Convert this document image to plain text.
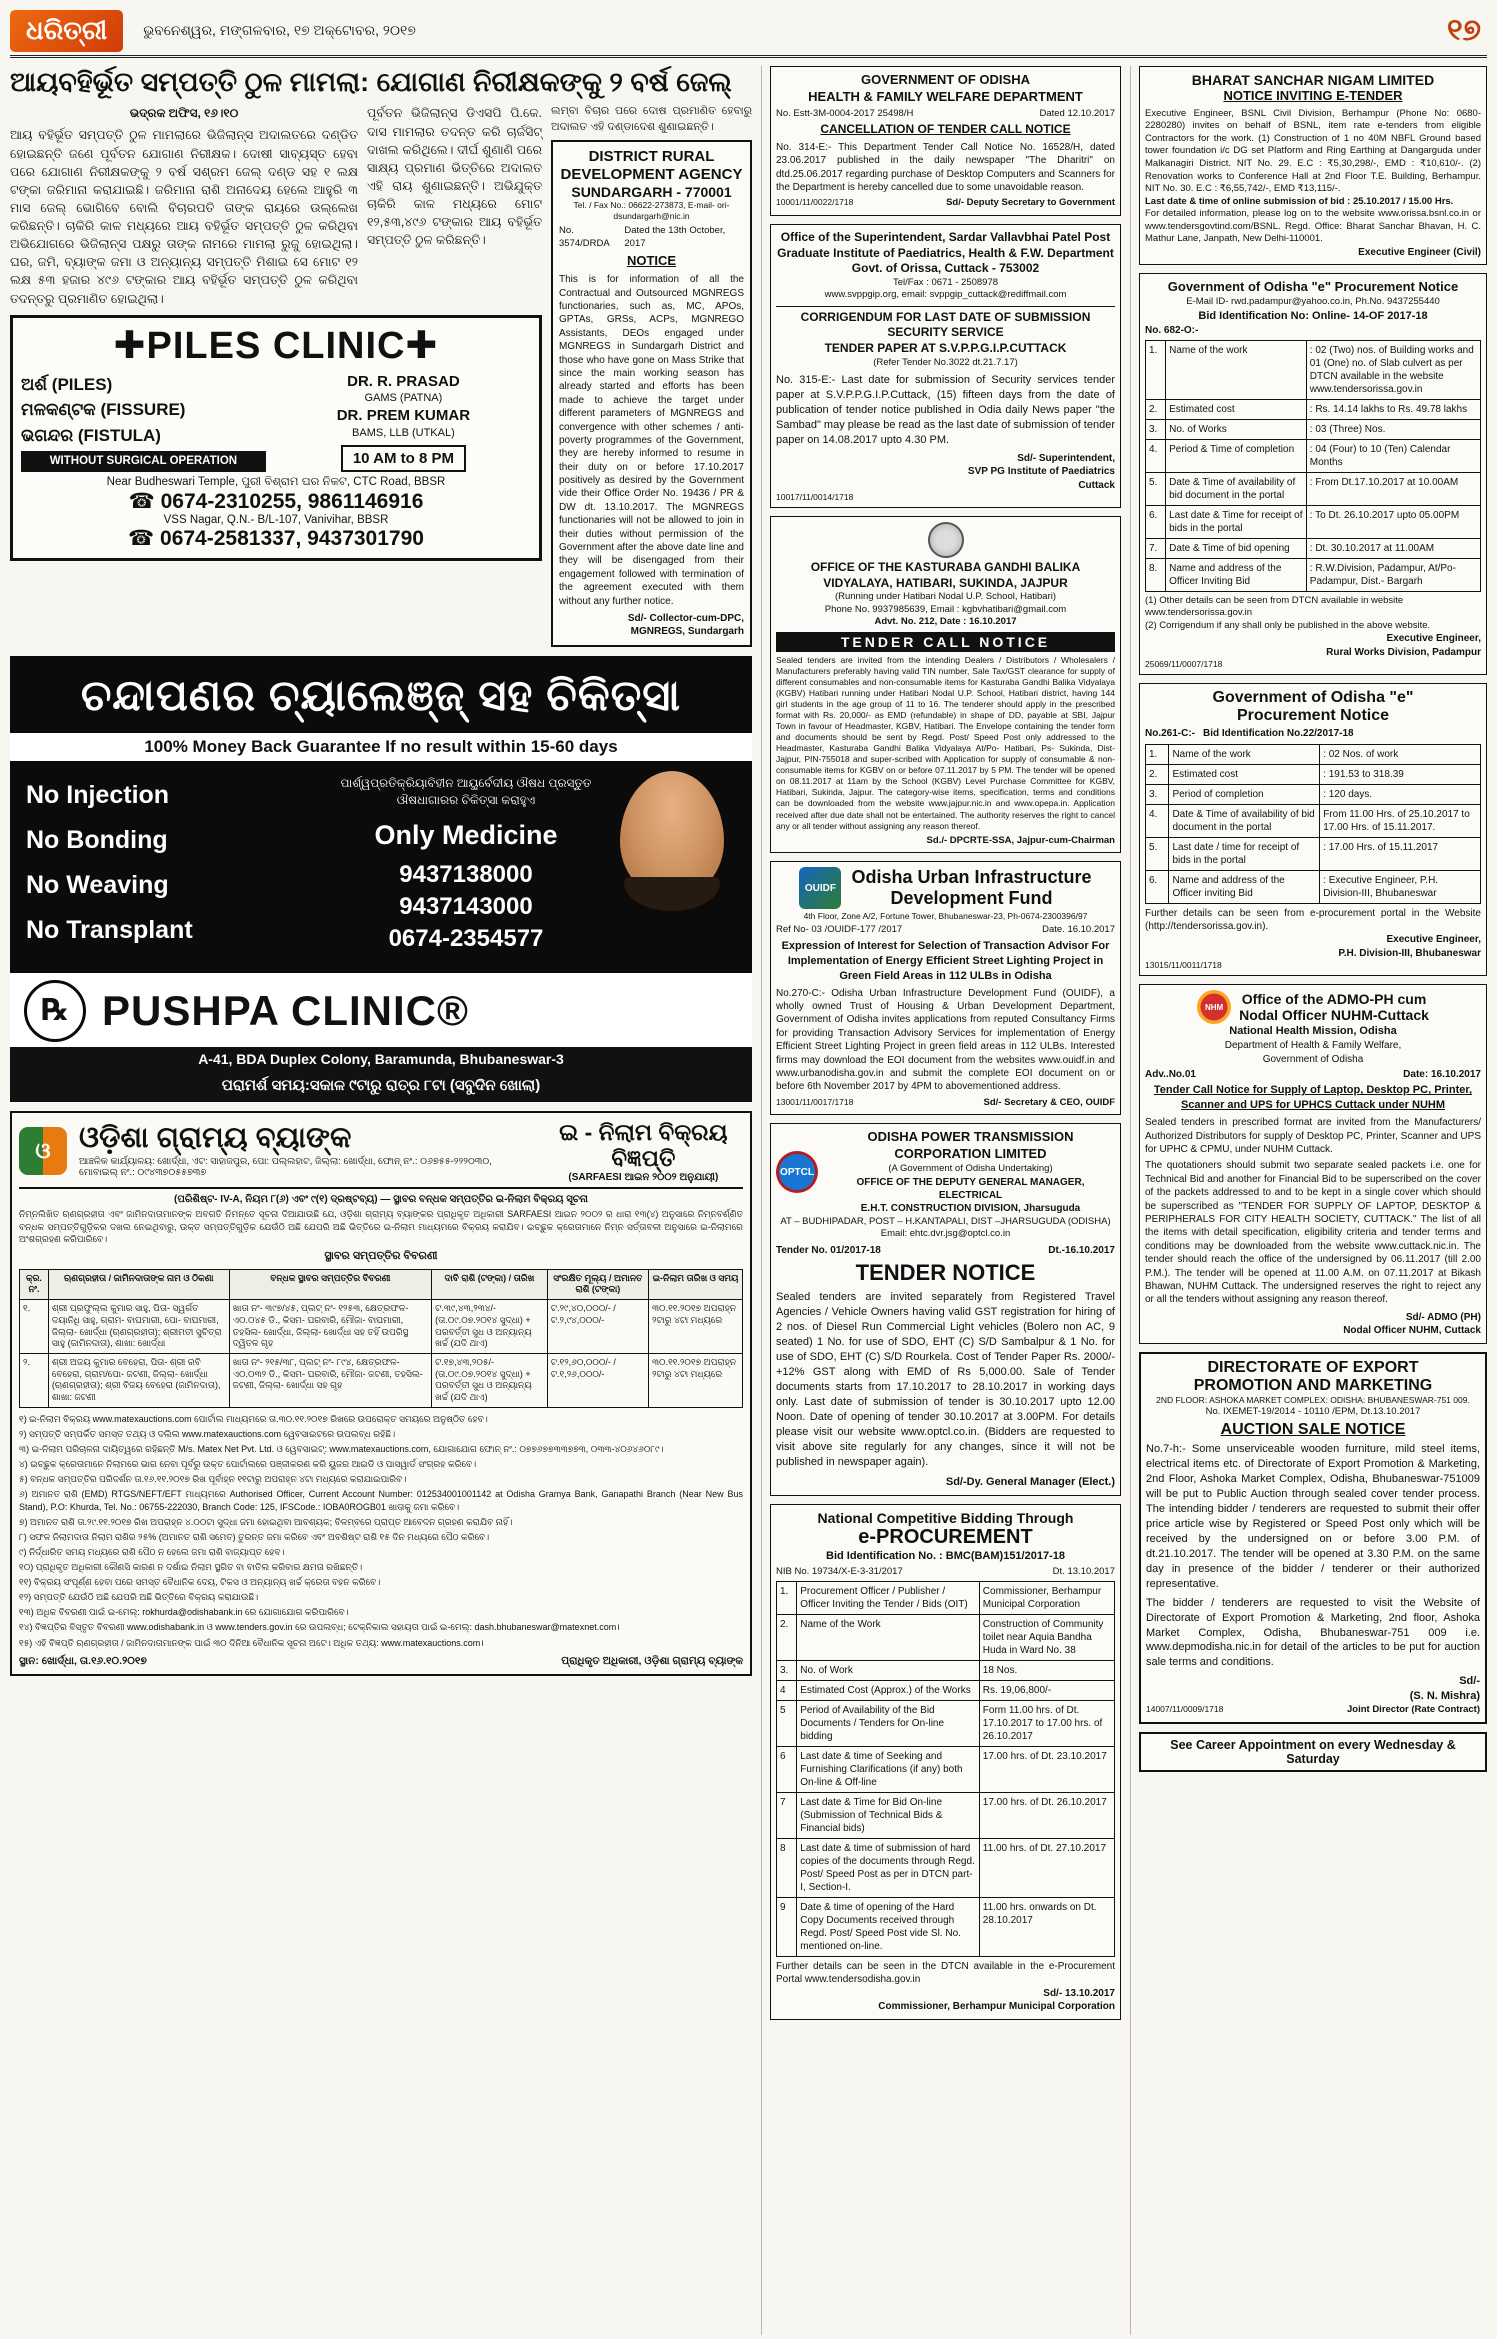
ଧରିତ୍ରୀ	ଭୁବନେଶ୍ୱର, ମଙ୍ଗଳବାର, ୧୭ ଅକ୍ଟୋବର, ୨୦୧୭	୧୭
ଆୟବହିର୍ଭୂତ ସମ୍ପତ୍ତି ଠୁଳ ମାମଲା: ଯୋଗାଣ ନିରୀକ୍ଷକଙ୍କୁ ୨ ବର୍ଷ ଜେଲ୍
ଭଦ୍ରକ ଅଫିସ, ୧୬।୧୦

ଆୟ ବହିର୍ଭୂତ ସମ୍ପତ୍ତି ଠୁଳ ମାମଲାରେ ଭିଜିଲାନ୍ସ ଅଦାଲତରେ ଦଣ୍ଡିତ ହୋଇଛନ୍ତି ଜଣେ ପୂର୍ବତନ ଯୋଗାଣ ନିରୀକ୍ଷକ। ଦୋଷୀ ସାବ୍ୟସ୍ତ ହେବା ପରେ ଯୋଗାଣ ନିରୀକ୍ଷକଙ୍କୁ ୨ ବର୍ଷ ସଶ୍ରମ ଜେଲ୍ ଦଣ୍ଡ ସହ ୧ ଲକ୍ଷ ଟଙ୍କା ଜରିମାନା କରାଯାଇଛି। ଜରିମାନା ରାଶି ଅନାଦେୟ ହେଲେ ଆହୁରି ୩ ମାସ ଜେଲ୍ ଭୋଗିବେ ବୋଲି ବିଚାରପତି ତାଙ୍କ ରାୟରେ ଉଲ୍ଲେଖ କରିଛନ୍ତି। ଚାକିରି କାଳ ମଧ୍ୟରେ ଆୟ ବହିର୍ଭୂତ ସମ୍ପତ୍ତି ଠୁଳ କରିଥିବା ଅଭିଯୋଗରେ ଭିଜିଲାନ୍ସ ପକ୍ଷରୁ ତାଙ୍କ ନାମରେ ମାମଲା ରୁଜୁ ହୋଇଥିଲା। ଘର, ଜମି, ବ୍ୟାଙ୍କ ଜମା ଓ ଅନ୍ୟାନ୍ୟ ସମ୍ପତ୍ତି ମିଶାଇ ସେ ମୋଟ ୧୨ ଲକ୍ଷ ୫୩ ହଜାର ୪୯୬ ଟଙ୍କାର ଆୟ ବହିର୍ଭୂତ ସମ୍ପତ୍ତି ଠୁଳ କରିଥିବା ତଦନ୍ତରୁ ପ୍ରମାଣିତ ହୋଇଥିଲା।

ପୂର୍ବତନ ଭିଜିଲାନ୍ସ ଡିଏସପି ପି.କେ. ଦାସ ମାମଲାର ତଦନ୍ତ କରି ଚାର୍ଜସିଟ୍ ଦାଖଲ କରିଥିଲେ। ଦୀର୍ଘ ଶୁଣାଣି ପରେ ସାକ୍ଷ୍ୟ ପ୍ରମାଣ ଭିତ୍ତିରେ ଅଦାଲତ ଏହି ରାୟ ଶୁଣାଇଛନ୍ତି। ଅଭିଯୁକ୍ତ ଚାକିରି କାଳ ମଧ୍ୟରେ ମୋଟ ୧୨,୫୩,୪୯୬ ଟଙ୍କାର ଆୟ ବହିର୍ଭୂତ ସମ୍ପତ୍ତି ଠୁଳ କରିଛନ୍ତି।

✚PILES CLINIC✚
ଅର୍ଶ (PILES)
ମଳକଣ୍ଟକ (FISSURE)
ଭଗନ୍ଦର (FISTULA)
WITHOUT SURGICAL OPERATION
DR. R. PRASAD
GAMS (PATNA)
DR. PREM KUMAR
BAMS, LLB (UTKAL)
10 AM to 8 PM
Near Budheswari Temple, ପୁରୀ ବିଶ୍ରାମ ଘର ନିକଟ, CTC Road, BBSR
☎ 0674-2310255, 9861146916
VSS Nagar, Q.N.- B/L-107, Vanivihar, BBSR
☎ 0674-2581337, 9437301790

ଲମ୍ବା ବିଚାର ପରେ ଦୋଷ ପ୍ରମାଣିତ ହେବାରୁ ଅଦାଲତ ଏହି ଦଣ୍ଡାଦେଶ ଶୁଣାଇଛନ୍ତି।

DISTRICT RURAL DEVELOPMENT AGENCY
SUNDARGARH - 770001
Tel. / Fax No.: 06622-273873, E-mail- ori-dsundargarh@nic.in
No. 3574/DRDA
Dated the 13th October, 2017
NOTICE

This is for information of all the Contractual and Outsourced MGNREGS functionaries, such as, MC, APOs, GPTAs, GRSs, ACPs, MGNREGO Assistants, DEOs engaged under MGNREGS in Sundargarh District and those who have gone on Mass Strike that since the main working season has already started and efforts has been made to achieve the target under different parameters of MGNREGS and convergence with other schemes / anti-poverty programmes of the Government, they are hereby informed to resume in their duty on or before 17.10.2017 positively as desired by the Government vide their Office Order No. 19436 / PR & DW dt. 13.10.2017. The MGNREGS functionaries will not be allowed to join in their duties without permission of the Government after the above date line and they will be disengaged from their engagement followed with termination of the agreement executed with them without any further notice.

Sd/- Collector-cum-DPC,
MGNREGS, Sundargarh
ଚନ୍ଦାପଣର ଚ୍ୟାଲେଞ୍ଜ୍ ସହ ଚିକିତ୍ସା
100% Money Back Guarantee If no result within 15-60 days
No Injection
No Bonding
No Weaving
No Transplant
ପାର୍ଶ୍ୱପ୍ରତିକ୍ରିୟାବିହୀନ ଆୟୁର୍ବେଦୀୟ ଔଷଧ ପ୍ରସ୍ତୁତ ଔଷଧାଗାରର ଚିକିତ୍ସା କରାହୁଏ
Only Medicine
9437138000
9437143000
0674-2354577
℞ PUSHPA CLINIC®
A-41, BDA Duplex Colony, Baramunda, Bhubaneswar-3
ପରାମର୍ଶ ସମୟ:ସକାଳ ୯ଟାରୁ ରାତ୍ର ୮ଟା (ସବୁଦିନ ଖୋଲା)
ଓ ଓଡ଼ିଶା ଗ୍ରାମ୍ୟ ବ୍ୟାଙ୍କ
ଆଞ୍ଚଳିକ କାର୍ଯ୍ୟାଳୟ: ଖୋର୍ଦ୍ଧା, ଏଟ: ସାହାଜପୁର, ପୋ: ପଲ୍ଲହାଟ, ଜିଲ୍ଲା: ଖୋର୍ଦ୍ଧା, ଫୋନ୍ ନଂ.: ୦୬୭୫୫-୨୨୨୦୩୦, ମୋବାଇଲ୍ ନଂ.: ୦୯୪୩୭୦୫୫୭୩୭
ଇ - ନିଲାମ ବିକ୍ରୟ ବିଜ୍ଞପ୍ତି
(SARFAESI ଆଇନ ୨୦୦୨ ଅନୁଯାୟୀ)
(ପରିଶିଷ୍ଟ- IV-A, ନିୟମ ୮(୬) ଏବଂ ୯(୧) ଦ୍ରଷ୍ଟବ୍ୟ) — ସ୍ଥାବର ବନ୍ଧକ ସମ୍ପତ୍ତିର ଇ-ନିଲାମ ବିକ୍ରୟ ସୂଚନା

ନିମ୍ନଲିଖିତ ଋଣଗ୍ରହୀତା ଏବଂ ଜାମିନଦାତାମାନଙ୍କ ଅବଗତି ନିମନ୍ତେ ସୂଚନା ଦିଆଯାଉଛି ଯେ, ଓଡ଼ିଶା ଗ୍ରାମ୍ୟ ବ୍ୟାଙ୍କର ପ୍ରାଧିକୃତ ଅଧିକାରୀ SARFAESI ଆଇନ ୨୦୦୨ ର ଧାରା ୧୩(୪) ଅନୁସାରେ ନିମ୍ନବର୍ଣ୍ଣିତ ବନ୍ଧକ ସମ୍ପତ୍ତିଗୁଡ଼ିକର ଦଖଲ ନେଇଥିବାରୁ, ଉକ୍ତ ସମ୍ପତ୍ତିଗୁଡ଼ିକ ଯେଉଁଠି ଅଛି ଯେପରି ଅଛି ଭିତ୍ତିରେ ଇ-ନିଲାମ ମାଧ୍ୟମରେ ବିକ୍ରୟ କରାଯିବ। ଇଚ୍ଛୁକ କ୍ରେତାମାନେ ନିମ୍ନ ସର୍ତ୍ତାବଳୀ ଅନୁସାରେ ଇ-ନିଲାମରେ ଅଂଶଗ୍ରହଣ କରିପାରିବେ।

ସ୍ଥାବର ସମ୍ପତ୍ତିର ବିବରଣୀ
କ୍ର. ନଂ.	ଋଣଗ୍ରହୀତା / ଜାମିନଦାତାଙ୍କ ନାମ ଓ ଠିକଣା	ବନ୍ଧକ ସ୍ଥାବର ସମ୍ପତ୍ତିର ବିବରଣୀ	ଦାବି ରାଶି (ଟଙ୍କା) / ତାରିଖ	ସଂରକ୍ଷିତ ମୂଲ୍ୟ / ଅମାନତ ରାଶି (ଟଙ୍କା)	ଇ-ନିଲାମ ତାରିଖ ଓ ସମୟ
୧.	ଶ୍ରୀ ପ୍ରଫୁଲ୍ଲ କୁମାର ସାହୁ, ପିତା- ସ୍ୱର୍ଗତ ଦୟାନିଧି ସାହୁ, ଗ୍ରାମ- ବାଘମାରୀ, ପୋ- ବାଘମାରୀ, ଜିଲ୍ଲା- ଖୋର୍ଦ୍ଧା (ଋଣଗ୍ରହୀତା); ଶ୍ରୀମତୀ ସୁଚିତ୍ରା ସାହୁ (ଜାମିନଦାତା), ଶାଖା: ଖୋର୍ଦ୍ଧା	ଖାତା ନଂ- ୩୯୭/୪୫, ପ୍ଲଟ୍ ନଂ- ୧୨୫୩, କ୍ଷେତ୍ରଫଳ- ଏ୦.୦୪୫ ଡି., କିସମ- ଘରବାରି, ମୌଜା- ବାଘମାରୀ, ତହସିଲ- ଖୋର୍ଦ୍ଧା, ଜିଲ୍ଲା- ଖୋର୍ଦ୍ଧା ସହ ତହିଁ ଉପରିସ୍ଥ ଦ୍ୱିତଳ ଗୃହ	ଟ.୩୯,୪୩,୨୩୪/- (ତା.୦୯.୦୭.୨୦୧୪ ସୁଦ୍ଧା) + ପରବର୍ତ୍ତୀ ସୁଧ ଓ ଅନ୍ୟାନ୍ୟ ଖର୍ଚ୍ଚ (ଯଦି ଥାଏ)	ଟ.୨୯,୪୦,୦୦୦/- / ଟ.୨,୯୪,୦୦୦/-	୩୦.୧୧.୨୦୧୭ ଅପରାହ୍ନ ୨ଟାରୁ ୪ଟା ମଧ୍ୟରେ
୨.	ଶ୍ରୀ ଅଜୟ କୁମାର ବେହେରା, ପିତା- ଶ୍ରୀ ରବି ବେହେରା, ଗ୍ରାମ/ପୋ- ଜଟଣୀ, ଜିଲ୍ଲା- ଖୋର୍ଦ୍ଧା (ଋଣଗ୍ରହୀତା); ଶ୍ରୀ ବିଜୟ ବେହେରା (ଜାମିନଦାତା), ଶାଖା: ଜଟଣୀ	ଖାତା ନଂ- ୨୧୫/୩୮, ପ୍ଲଟ୍ ନଂ- ୮୯୪, କ୍ଷେତ୍ରଫଳ- ଏ୦.୦୩୨ ଡି., କିସମ- ଘରବାରି, ମୌଜା- ଜଟଣୀ, ତହସିଲ- ଜଟଣୀ, ଜିଲ୍ଲା- ଖୋର୍ଦ୍ଧା ସହ ଗୃହ	ଟ.୧୭,୪୩,୨୦୫/- (ତା.୦୯.୦୭.୨୦୧୪ ସୁଦ୍ଧା) + ପରବର୍ତ୍ତୀ ସୁଧ ଓ ଅନ୍ୟାନ୍ୟ ଖର୍ଚ୍ଚ (ଯଦି ଥାଏ)	ଟ.୧୨,୬୦,୦୦୦/- / ଟ.୧,୨୬,୦୦୦/-	୩୦.୧୧.୨୦୧୭ ଅପରାହ୍ନ ୨ଟାରୁ ୪ଟା ମଧ୍ୟରେ
୧) ଇ-ନିଲାମ ବିକ୍ରୟ www.matexauctions.com ପୋର୍ଟାଲ ମାଧ୍ୟମରେ ତା.୩୦.୧୧.୨୦୧୭ ରିଖରେ ଉପରୋକ୍ତ ସମୟରେ ଅନୁଷ୍ଠିତ ହେବ।
୨) ସମ୍ପତ୍ତି ସମ୍ପର୍କିତ ସମସ୍ତ ତଥ୍ୟ ଓ ଦଲିଲ www.matexauctions.com ୱେବସାଇଟରେ ଉପଲବ୍ଧ ରହିଛି।
୩) ଇ-ନିଲାମ ପରିଚାଳନା ଦାୟିତ୍ୱରେ ରହିଛନ୍ତି M/s. Matex Net Pvt. Ltd. ଓ ୱେବସାଇଟ୍: www.matexauctions.com, ଯୋଗାଯୋଗ ଫୋନ୍ ନଂ.: ୦୭୭୬୭୭୩୩୭୭୩, ୦୩୩-୪୦୬୪୬୦୮୯।
୪) ଇଚ୍ଛୁକ କ୍ରେତାମାନେ ନିଲାମରେ ଭାଗ ନେବା ପୂର୍ବରୁ ଉକ୍ତ ପୋର୍ଟାଲରେ ପଞ୍ଜୀକରଣ କରି ୟୁଜର ଆଇଡି ଓ ପାସୱାର୍ଡ ସଂଗ୍ରହ କରିବେ।
୫) ବନ୍ଧକ ସମ୍ପତ୍ତିର ପରିଦର୍ଶନ ତା.୧୬.୧୧.୨୦୧୭ ରିଖ ପୂର୍ବାହ୍ନ ୧୧ଟାରୁ ଅପରାହ୍ନ ୪ଟା ମଧ୍ୟରେ କରାଯାଇପାରିବ।
୬) ଅମାନତ ରାଶି (EMD) RTGS/NEFT/EFT ମାଧ୍ୟମରେ Authorised Officer, Current Account Number: 012534001001142 at Odisha Gramya Bank, Ganapathi Branch (Near New Bus Stand), P.O: Khurda, Tel. No.: 06755-222030, Branch Code: 125, IFSCode.: IOBA0ROGB01 ଖାତାକୁ ଜମା କରିବେ।
୭) ଅମାନତ ରାଶି ତା.୨୯.୧୧.୨୦୧୭ ରିଖ ଅପରାହ୍ନ ୪.୦୦ଟା ସୁଦ୍ଧା ଜମା ହୋଇଥିବା ଆବଶ୍ୟକ; ବିଳମ୍ବରେ ପ୍ରାପ୍ତ ଆବେଦନ ଗ୍ରହଣ କରାଯିବ ନାହିଁ।
୮) ସଫଳ ନିଲାମଦାତା ନିଲାମ ରାଶିର ୨୫% (ଅମାନତ ରାଶି ସମେତ) ତୁରନ୍ତ ଜମା କରିବେ ଏବଂ ଅବଶିଷ୍ଟ ରାଶି ୧୫ ଦିନ ମଧ୍ୟରେ ପୈଠ କରିବେ।
୯) ନିର୍ଦ୍ଧାରିତ ସମୟ ମଧ୍ୟରେ ରାଶି ପୈଠ ନ ହେଲେ ଜମା ରାଶି ବାଜ୍ୟାପ୍ତ ହେବ।
୧୦) ପ୍ରାଧିକୃତ ଅଧିକାରୀ କୌଣସି କାରଣ ନ ଦର୍ଶାଇ ନିଲାମ ସ୍ଥଗିତ ବା ବାତିଲ କରିବାର କ୍ଷମତା ରଖିଛନ୍ତି।
୧୧) ବିକ୍ରୟ ସଂପୂର୍ଣ୍ଣ ହେବା ପରେ ସମସ୍ତ ବୈଧାନିକ ଦେୟ, ଟିକସ ଓ ଅନ୍ୟାନ୍ୟ ଖର୍ଚ୍ଚ କ୍ରେତା ବହନ କରିବେ।
୧୨) ସମ୍ପତ୍ତି ଯେଉଁଠି ଅଛି ଯେପରି ଅଛି ଭିତ୍ତିରେ ବିକ୍ରୟ କରାଯାଉଛି।
୧୩) ଅଧିକ ବିବରଣୀ ପାଇଁ ଇ-ମେଲ୍: rokhurda@odishabank.in ରେ ଯୋଗାଯୋଗ କରିପାରିବେ।
୧୪) ବିଜ୍ଞପ୍ତିର ବିସ୍ତୃତ ବିବରଣୀ www.odishabank.in ଓ www.tenders.gov.in ରେ ଉପଲବ୍ଧ; ଟେକ୍ନିକାଲ ସହାୟତା ପାଇଁ ଇ-ମେଲ୍: dash.bhubaneswar@matexnet.com।
୧୫) ଏହି ବିଜ୍ଞପ୍ତି ଋଣଗ୍ରହୀତା / ଜାମିନଦାତାମାନଙ୍କ ପାଇଁ ୩୦ ଦିନିଆ ବୈଧାନିକ ସୂଚନା ଅଟେ। ଅଧିକ ତଥ୍ୟ: www.matexauctions.com।
ସ୍ଥାନ: ଖୋର୍ଦ୍ଧା, ତା.୧୬.୧୦.୨୦୧୭	ପ୍ରାଧିକୃତ ଅଧିକାରୀ, ଓଡ଼ିଶା ଗ୍ରାମ୍ୟ ବ୍ୟାଙ୍କ
GOVERNMENT OF ODISHA
HEALTH & FAMILY WELFARE DEPARTMENT
No. Estt-3M-0004-2017 25498/H	Dated 12.10.2017
CANCELLATION OF TENDER CALL NOTICE

No. 314-E:- This Department Tender Call Notice No. 16528/H, dated 23.06.2017 published in the daily newspaper "The Dharitri" on dtd.25.06.2017 regarding purchase of Desktop Computers and Scanners for the Department is hereby cancelled due to some unavoidable reason.

10001/11/0022/1718	Sd/- Deputy Secretary to Government
Office of the Superintendent, Sardar Vallavbhai Patel Post
Graduate Institute of Paediatrics, Health & F.W. Department
Govt. of Orissa, Cuttack - 753002
Tel/Fax : 0671 - 2508978
www.svppgip.org, email: svppgip_cuttack@rediffmail.com
CORRIGENDUM FOR LAST DATE OF SUBMISSION SECURITY SERVICE
TENDER PAPER AT S.V.P.P.G.I.P.CUTTACK
(Refer Tender No.3022 dt.21.7.17)

No. 315-E:- Last date for submission of Security services tender paper at S.V.P.P.G.I.P.Cuttack, (15) fifteen days from the date of publication of tender notice published in Odia daily News paper "the Sambad" may please be read as the last date of submission of tender paper on 14.08.2017 upto 4.30 PM.

Sd/- Superintendent,
SVP PG Institute of Paediatrics
Cuttack
10017/11/0014/1718
OFFICE OF THE KASTURABA GANDHI BALIKA
VIDYALAYA, HATIBARI, SUKINDA, JAJPUR
(Running under Hatibari Nodal U.P. School, Hatibari)
Phone No. 9937985639, Email : kgbvhatibari@gmail.com
Advt. No. 212, Date : 16.10.2017
TENDER CALL NOTICE

Sealed tenders are invited from the intending Dealers / Distributors / Wholesalers / Manufacturers preferably having valid TIN number, Sale Tax/GST clearance for supply of different consumables and non-consumable items for Kasturaba Gandhi Balika Vidyalaya (KGBV) Hatibari running under Hatibari Nodal U.P. School, Hatibari district, having 144 girl students in the age group of 11 to 16. The tenderer should apply in the prescribed format with Rs. 20,000/- as EMD (refundable) in shape of DD, payable at SBI, Jajpur Town in favour of Headmaster, KGBV, Hatibari. The Envelope containing the tender form and documents should be sent by Regd. Post/ Speed Post only addressed to the Headmaster, Kasturaba Gandhi Balika Vidyalaya At/Po- Hatibari, Ps- Sukinda, Dist- Jajpur, PIN-755018 and super-scribed with Application for supply of consumable & non-consumable items for KGBV on or before 07.11.2017 by 5 PM. The tender will be opened on 08.11.2017 at 11am by the School (KGBV) Level Purchase Committee for KGBV, Hatibari, Sukinda, Jajpur. The category-wise items, specification, terms and conditions can be downloaded from the website www.jajpur.nic.in and www.opepa.in. Application received after due date shall not be entertained. The authority reserves the right to cancel any or all tender without assigning any reason thereof.

Sd./- DPCRTE-SSA, Jajpur-cum-Chairman
OUIDF
Odisha Urban Infrastructure
Development Fund
4th Floor, Zone A/2, Fortune Tower, Bhubaneswar-23, Ph-0674-2300396/97
Ref No- 03 /OUIDF-177 /2017	Date. 16.10.2017
Expression of Interest for Selection of Transaction Advisor For Implementation of Energy Efficient Street Lighting Project in Green Field Areas in 112 ULBs in Odisha

No.270-C:- Odisha Urban Infrastructure Development Fund (OUIDF), a wholly owned Trust of Housing & Urban Development Department, Government of Odisha invites applications from reputed Consultancy Firms for providing Transaction Advisory Services for implementation of Energy Efficient Street Lighting Project in green field areas in 112 ULBs. Interested firms may download the EOI document from the websites www.ouidf.in and www.urbanodisha.gov.in and submit the complete EOI document on or before 6th November 2017 by 4PM to abovementioned address.

13001/11/0017/1718	Sd/- Secretary & CEO, OUIDF
OPTCL
ODISHA POWER TRANSMISSION CORPORATION LIMITED
(A Government of Odisha Undertaking)
OFFICE OF THE DEPUTY GENERAL MANAGER, ELECTRICAL
E.H.T. CONSTRUCTION DIVISION, Jharsuguda
AT – BUDHIPADAR, POST – H.KANTAPALI, DIST –JHARSUGUDA (ODISHA)
Email: ehtc.dvr.jsg@optcl.co.in
Tender No. 01/2017-18	Dt.-16.10.2017
TENDER NOTICE

Sealed tenders are invited separately from Registered Travel Agencies / Vehicle Owners having valid GST registration for hiring of 2 nos. of Diesel Run Commercial Light vehicles (Bolero non AC, 9 seated) 1 No. for use of SDO, EHT (C) S/D Sambalpur & 1 No. for use of SDO, EHT (C) S/D Rourkela. Cost of Tender Paper Rs. 2000/- +12% GST along with EMD of Rs 5,000.00. Sale of Tender documents starts from 17.10.2017 to 28.10.2017 in working days only. Last date of submission of tender is 30.10.2017 upto 12.00 Noon. Date of opening of tender 30.10.2017 at 3.00PM. For details please visit our website www.optcl.co.in. (Bidders are requested to visit above site regularly for any changes, since it will not be published in newspaper again).

Sd/-Dy. General Manager (Elect.)
National Competitive Bidding Through
e-PROCUREMENT
Bid Identification No. : BMC(BAM)151/2017-18
NIB No. 19734/X-E-3-31/2017	Dt. 13.10.2017
1.	Procurement Officer / Publisher / Officer Inviting the Tender / Bids (OIT)	Commissioner, Berhampur Municipal Corporation
2.	Name of the Work	Construction of Community toilet near Aquia Bandha Huda in Ward No. 38
3.	No. of Work	18 Nos.
4	Estimated Cost (Approx.) of the Works	Rs. 19,06,800/-
5	Period of Availability of the Bid Documents / Tenders for On-line bidding	Form 11.00 hrs. of Dt. 17.10.2017 to 17.00 hrs. of 26.10.2017
6	Last date & time of Seeking and Furnishing Clarifications (if any) both On-line & Off-line	17.00 hrs. of Dt. 23.10.2017
7	Last date & Time for Bid On-line (Submission of Technical Bids & Financial bids)	17.00 hrs. of Dt. 26.10.2017
8	Last date & time of submission of hard copies of the documents through Regd. Post/ Speed Post as per in DTCN part-I, Section-I.	11.00 hrs. of Dt. 27.10.2017
9	Date & time of opening of the Hard Copy Documents received through Regd. Post/ Speed Post vide Sl. No. mentioned on-line.	11.00 hrs. onwards on Dt. 28.10.2017

Further details can be seen in the DTCN available in the e-Procurement Portal www.tendersodisha.gov.in

Sd/- 13.10.2017
Commissioner, Berhampur Municipal Corporation
BHARAT SANCHAR NIGAM LIMITED
NOTICE INVITING E-TENDER

Executive Engineer, BSNL Civil Division, Berhampur (Phone No: 0680-2280280) invites on behalf of BSNL, item rate e-tenders from eligible Contractors for the work. (1) Construction of 1 no 40M NBFL Ground based tower foundation i/c DG set Platform and Ring Earthing at Dangarguda under Malkanagiri District. NIT No. 29. E.C : ₹5,30,298/-, EMD : ₹10,610/-. (2) Renovation works to Conference Hall at 2nd Floor T.E. Building, Berhampur. NIT No. 30. E.C : ₹6,55,742/-, EMD ₹13,115/-.

Last date & time of online submission of bid : 25.10.2017 / 15.00 Hrs.

For detailed information, please log on to the website www.orissa.bsnl.co.in or www.tendersgovtind.com/BSNL. Regd. Office: Bharat Sanchar Bhavan, H. C. Mathur Lane, Janpath, New Delhi-110001.

Executive Engineer (Civil)
Government of Odisha "e" Procurement Notice
E-Mail ID- rwd.padampur@yahoo.co.in, Ph.No. 9437255440
Bid Identification No: Online- 14-OF 2017-18
No. 682-O:-
1.	Name of the work	: 02 (Two) nos. of Building works and 01 (One) no. of Slab culvert as per DTCN available in the website www.tendersorissa.gov.in
2.	Estimated cost	: Rs. 14.14 lakhs to Rs. 49.78 lakhs
3.	No. of Works	: 03 (Three) Nos.
4.	Period & Time of completion	: 04 (Four) to 10 (Ten) Calendar Months
5.	Date & Time of availability of bid document in the portal	: From Dt.17.10.2017 at 10.00AM
6.	Last date & Time for receipt of bids in the portal	: To Dt. 26.10.2017 upto 05.00PM
7.	Date & Time of bid opening	: Dt. 30.10.2017 at 11.00AM
8.	Name and address of the Officer Inviting Bid	: R.W.Division, Padampur, At/Po- Padampur, Dist.- Bargarh
(1) Other details can be seen from DTCN available in website www.tendersorissa.gov.in
(2) Corrigendum if any shall only be published in the above website.
Executive Engineer,
Rural Works Division, Padampur
25069/11/0007/1718
Government of Odisha "e"
Procurement Notice
No.261-C:- Bid Identification No.22/2017-18
1.	Name of the work	: 02 Nos. of work
2.	Estimated cost	: 191.53 to 318.39
3.	Period of completion	: 120 days.
4.	Date & Time of availability of bid document in the portal	From 11.00 Hrs. of 25.10.2017 to 17.00 Hrs. of 15.11.2017.
5.	Last date / time for receipt of bids in the portal	: 17.00 Hrs. of 15.11.2017
6.	Name and address of the Officer inviting Bid	: Executive Engineer, P.H. Division-III, Bhubaneswar

Further details can be seen from e-procurement portal in the Website (http://tendersorissa.gov.in).

Executive Engineer,
P.H. Division-III, Bhubaneswar
13015/11/0011/1718
NHM	Office of the ADMO-PH cum
Nodal Officer NUHM-Cuttack
National Health Mission, Odisha
Department of Health & Family Welfare,
Government of Odisha
Adv..No.01	Date: 16.10.2017
Tender Call Notice for Supply of Laptop, Desktop PC, Printer, Scanner and UPS for UPHCS Cuttack under NUHM

Sealed tenders in prescribed format are invited from the Manufacturers/ Authorized Distributors for supply of Desktop PC, Printer, Scanner and UPS for UPHC & CPMU, under NUHM Cuttack.

The quotationers should submit two separate sealed packets i.e. one for Technical Bid and another for Financial Bid to be superscribed on the cover of the packets addressed to and to be kept in a single cover which should be superscribed as "TENDER FOR SUPPLY OF LAPTOP, DESKTOP & PERIPHERALS FOR CITY HEALTH SOCIETY, CUTTACK." The list of all the items with detail specification, eligibility criteria and tender terms and conditions may be downloaded from the website www.cuttack.nic.in. The tender should reach the office of the undersigned by 06.11.2017 (till 2.00 P.M.). The tender will be opened at 11.00 A.M. on 07.11.2017 at Bikash Bhawan, NUHM Cuttack. The undersigned reserves the right to reject any or all the tenders without assigning any reason thereof.

Sd/- ADMO (PH)
Nodal Officer NUHM, Cuttack
DIRECTORATE OF EXPORT
PROMOTION AND MARKETING
2ND FLOOR: ASHOKA MARKET COMPLEX: ODISHA: BHUBANESWAR-751 009.
No. IXEMET-19/2014 - 10110 /EPM, Dt.13.10.2017
AUCTION SALE NOTICE

No.7-h:- Some unserviceable wooden furniture, mild steel items, electrical items etc. of Directorate of Export Promotion & Marketing, 2nd Floor, Ashoka Market Complex, Odisha, Bhubaneswar-751009 will be put to Public Auction through sealed cover tender process. The intending bidder / tenderers are requested to submit their offer price article wise by Registered or Speed Post only which will be received by the undersigned on or before 3.00 P.M. of dt.21.10.2017. The tender will be opened at 3.30 P.M. on the same day in presence of the bidder / tenderer or their authorized representative.

The bidder / tenderers are requested to visit the Website of Directorate of Export Promotion & Marketing, 2nd floor, Ashoka Market Complex, Odisha, Bhubaneswar-751 009 i.e. www.depmodisha.nic.in for detail of the articles to be put for auction sale terms and conditions.

Sd/-
(S. N. Mishra)
14007/11/0009/1718	Joint Director (Rate Contract)
See Career Appointment on every Wednesday & Saturday
